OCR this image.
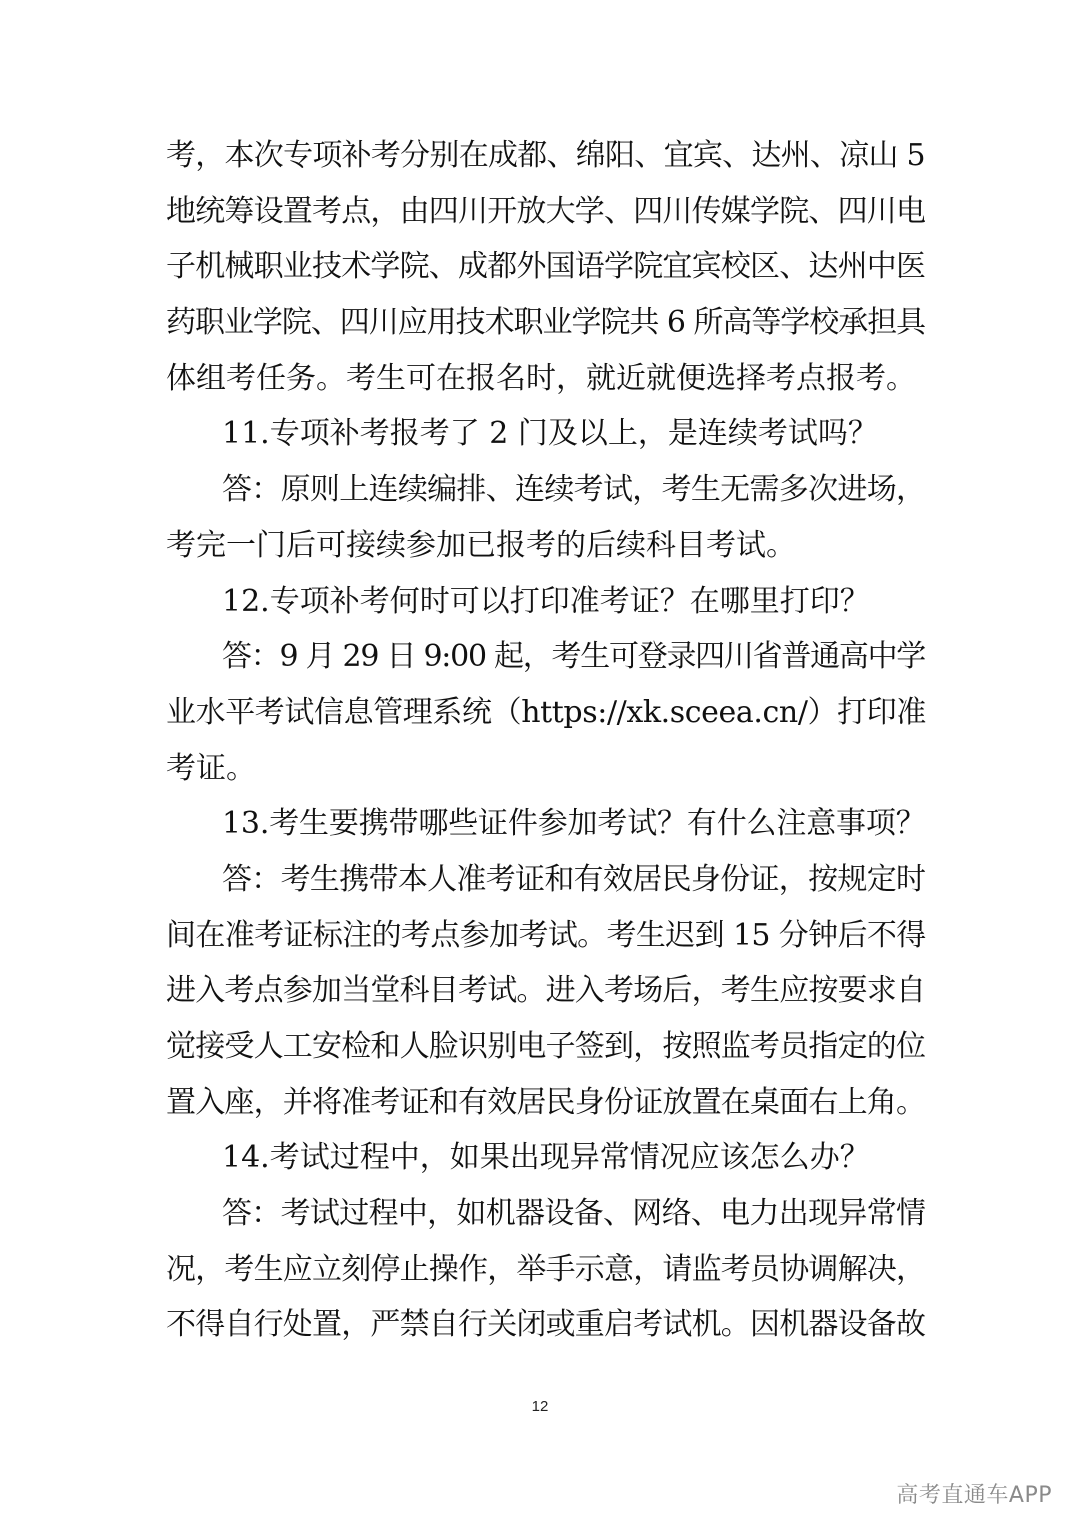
考，本次专项补考分别在成都、绵阳、宜宾、达州、凉山 5
地统筹设置考点，由四川开放大学、四川传媒学院、四川电
子机械职业技术学院、成都外国语学院宜宾校区、达州中医
药职业学院、四川应用技术职业学院共 6 所高等学校承担具
体组考任务。考生可在报名时，就近就便选择考点报考。
11.专项补考报考了 2 门及以上，是连续考试吗？
答：原则上连续编排、连续考试，考生无需多次进场，
考完一门后可接续参加已报考的后续科目考试。
12.专项补考何时可以打印准考证？在哪里打印？
答：9 月 29 日 9:00 起，考生可登录四川省普通高中学
业水平考试信息管理系统（https://xk.sceea.cn/）打印准
考证。
13.考生要携带哪些证件参加考试？有什么注意事项？
答：考生携带本人准考证和有效居民身份证，按规定时
间在准考证标注的考点参加考试。考生迟到 15 分钟后不得
进入考点参加当堂科目考试。进入考场后，考生应按要求自
觉接受人工安检和人脸识别电子签到，按照监考员指定的位
置入座，并将准考证和有效居民身份证放置在桌面右上角。
14.考试过程中，如果出现异常情况应该怎么办？
答：考试过程中，如机器设备、网络、电力出现异常情
况，考生应立刻停止操作，举手示意，请监考员协调解决，
不得自行处置，严禁自行关闭或重启考试机。因机器设备故
12
高考直通车APP
